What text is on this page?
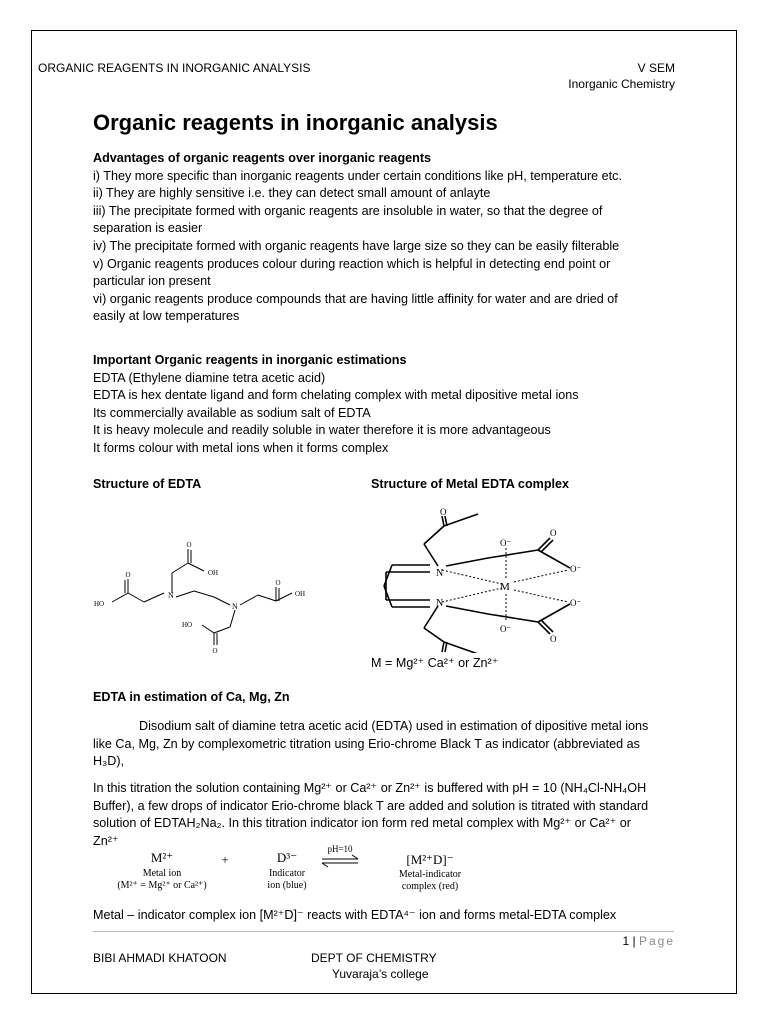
ORGANIC REAGENTS IN INORGANIC ANALYSIS	V SEM
Inorganic Chemistry
Organic reagents in inorganic analysis

Advantages of organic reagents over inorganic reagents

i) They more specific than inorganic reagents under certain conditions like pH, temperature etc.

ii) They are highly sensitive i.e. they can detect small amount of anlayte

iii) The precipitate formed with organic reagents are insoluble in water, so that the degree of separation is easier

iv) The precipitate formed with organic reagents have large size so they can be easily filterable

v) Organic reagents produces colour during reaction which is helpful in detecting end point or particular ion present

vi) organic reagents produce compounds that are having little affinity for water and are dried of easily at low temperatures

Important Organic reagents in inorganic estimations

EDTA (Ethylene diamine tetra acetic acid)

EDTA is hex dentate ligand and form chelating complex with metal dipositive metal ions

Its commercially available as sodium salt of EDTA

It is heavy molecule and readily soluble in water therefore it is more advantageous

It forms colour with metal ions when it forms complex

Structure of EDTA	Structure of Metal EDTA complex
O
O
O
O
OH
OH
HO
HO
N
N
N
N
M
O⁻
O⁻
O⁻
O⁻
O
O
O
M = Mg²⁺ Ca²⁺ or Zn²⁺
EDTA in estimation of Ca, Mg, Zn

Disodium salt of diamine tetra acetic acid (EDTA) used in estimation of dipositive metal ions like Ca, Mg, Zn by complexometric titration using Erio-chrome Black T as indicator (abbreviated as H₃D),

In this titration the solution containing Mg²⁺ or Ca²⁺ or Zn²⁺ is buffered with pH = 10 (NH₄Cl-NH₄OH Buffer), a few drops of indicator Erio-chrome black T are added and solution is titrated with standard solution of EDTAH₂Na₂. In this titration indicator ion form red metal complex with Mg²⁺ or Ca²⁺ or Zn²⁺

M²⁺
Metal ion
(M²⁺ = Mg²⁺ or Ca²⁺)
+	D³⁻
Indicator
ion (blue)
pH=10
[M²⁺D]⁻
Metal-indicator
complex (red)
Metal – indicator complex ion [M²⁺D]⁻ reacts with EDTA⁴⁻ ion and forms metal-EDTA complex
1 | Page
BIBI AHMADI KHATOON	DEPT OF CHEMISTRY
Yuvaraja’s college
